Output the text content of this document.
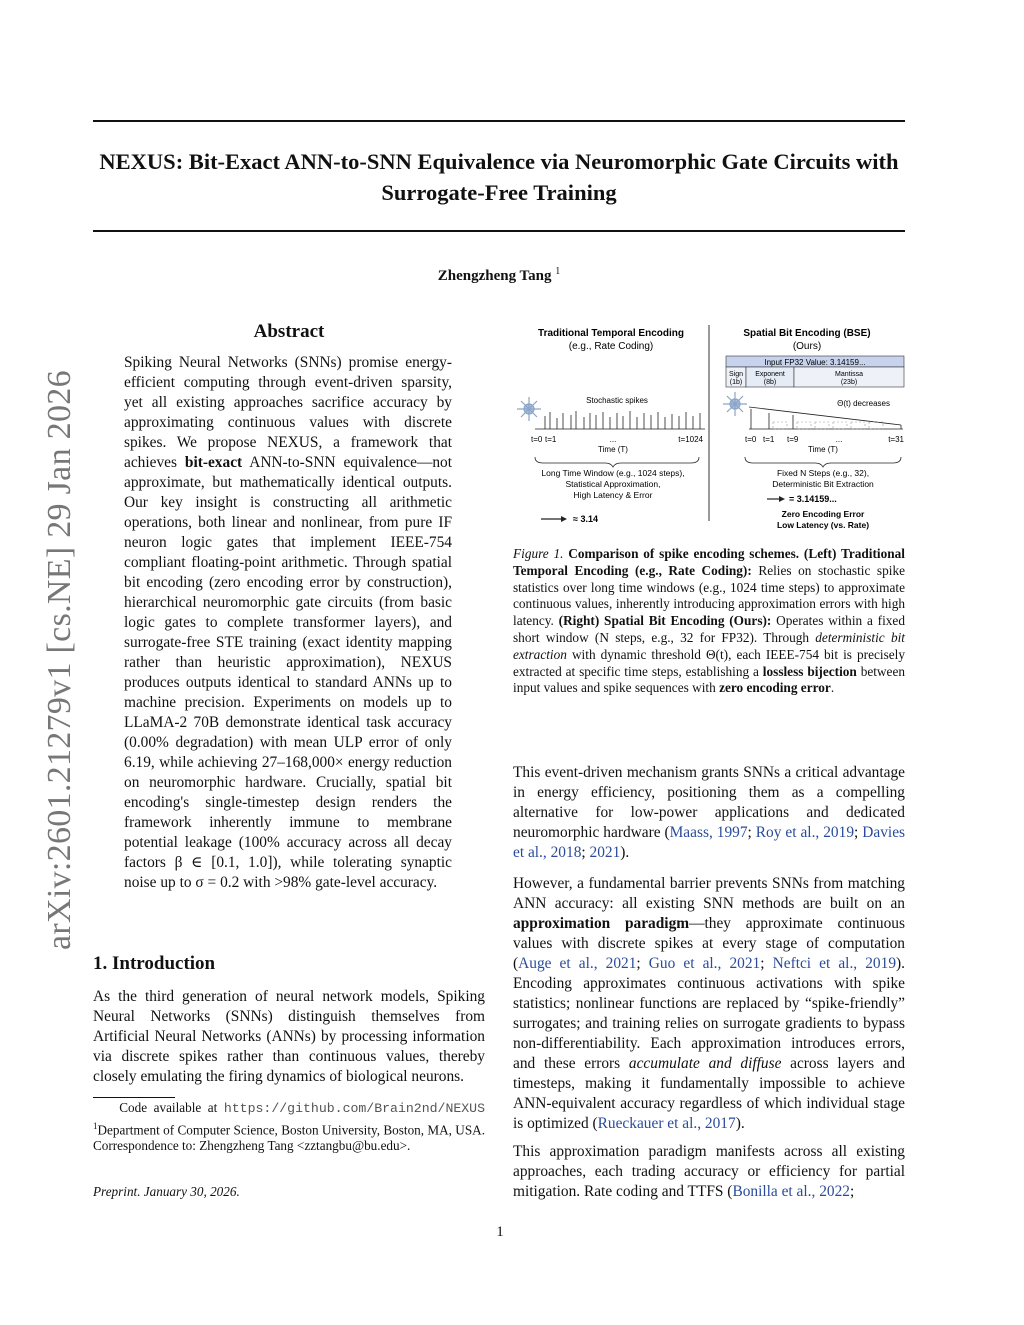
NEXUS: Bit-Exact ANN-to-SNN Equivalence via Neuromorphic Gate Circuits with Surrogate-Free Training
Zhengzheng Tang $^1$
arXiv:2601.21279v1 [cs.NE] 29 Jan 2026
Abstract
Spiking Neural Networks (SNNs) promise energy-efficient computing through event-driven sparsity, yet all existing approaches sacrifice accuracy by approximating continuous values with discrete spikes. We propose NEXUS, a framework that achieves bit-exact ANN-to-SNN equivalence—not approximate, but mathematically identical outputs. Our key insight is constructing all arithmetic operations, both linear and nonlinear, from pure IF neuron logic gates that implement IEEE-754 compliant floating-point arithmetic. Through spatial bit encoding (zero encoding error by construction), hierarchical neuromorphic gate circuits (from basic logic gates to complete transformer layers), and surrogate-free STE training (exact identity mapping rather than heuristic approximation), NEXUS produces outputs identical to standard ANNs up to machine precision. Experiments on models up to LLaMA-2 70B demonstrate identical task accuracy (0.00% degradation) with mean ULP error of only 6.19, while achieving 27–168,000× energy reduction on neuromorphic hardware. Crucially, spatial bit encoding's single-timestep design renders the framework inherently immune to membrane potential leakage (100% accuracy across all decay factors β ∈ [0.1, 1.0]), while tolerating synaptic noise up to σ = 0.2 with >98% gate-level accuracy.
1. Introduction
As the third generation of neural network models, Spiking Neural Networks (SNNs) distinguish themselves from Artificial Neural Networks (ANNs) by processing information via discrete spikes rather than continuous values, thereby closely emulating the firing dynamics of biological neurons.
Code available at https://github.com/Brain2nd/NEXUS $^1$Department of Computer Science, Boston University, Boston, MA, USA. Correspondence to: Zhengzheng Tang <zztangbu@bu.edu>.
Preprint. January 30, 2026.
1
Traditional Temporal Encoding
(e.g., Rate Coding)
Spatial Bit Encoding (BSE)
(Ours)
Input FP32 Value: 3.14159...
Sign
(1b)
Exponent
(8b)
Mantissa
(23b)
Stochastic spikes
t=0 t=1	...	t=1024
Time (T)
Long Time Window (e.g., 1024 steps),
Statistical Approximation,
High Latency & Error
≈ 3.14
Θ(t) decreases
t=0 t=1 t=9	...	t=31
Time (T)
Fixed N Steps (e.g., 32),
Deterministic Bit Extraction
= 3.14159...
Zero Encoding Error
Low Latency (vs. Rate)
Figure 1. Comparison of spike encoding schemes. (Left) Traditional Temporal Encoding (e.g., Rate Coding): Relies on stochastic spike statistics over long time windows (e.g., 1024 time steps) to approximate continuous values, inherently introducing approximation errors with high latency. (Right) Spatial Bit Encoding (Ours): Operates within a fixed short window (N steps, e.g., 32 for FP32). Through deterministic bit extraction with dynamic threshold Θ(t), each IEEE-754 bit is precisely extracted at specific time steps, establishing a lossless bijection between input values and spike sequences with zero encoding error.
This event-driven mechanism grants SNNs a critical advantage in energy efficiency, positioning them as a compelling alternative for low-power applications and dedicated neuromorphic hardware (Maass, 1997; Roy et al., 2019; Davies et al., 2018; 2021).
However, a fundamental barrier prevents SNNs from matching ANN accuracy: all existing SNN methods are built on an approximation paradigm—they approximate continuous values with discrete spikes at every stage of computation (Auge et al., 2021; Guo et al., 2021; Neftci et al., 2019). Encoding approximates continuous activations with spike statistics; nonlinear functions are replaced by “spike-friendly” surrogates; and training relies on surrogate gradients to bypass non-differentiability. Each approximation introduces errors, and these errors accumulate and diffuse across layers and timesteps, making it fundamentally impossible to achieve ANN-equivalent accuracy regardless of which individual stage is optimized (Rueckauer et al., 2017).
This approximation paradigm manifests across all existing approaches, each trading accuracy or efficiency for partial mitigation. Rate coding and TTFS (Bonilla et al., 2022;
